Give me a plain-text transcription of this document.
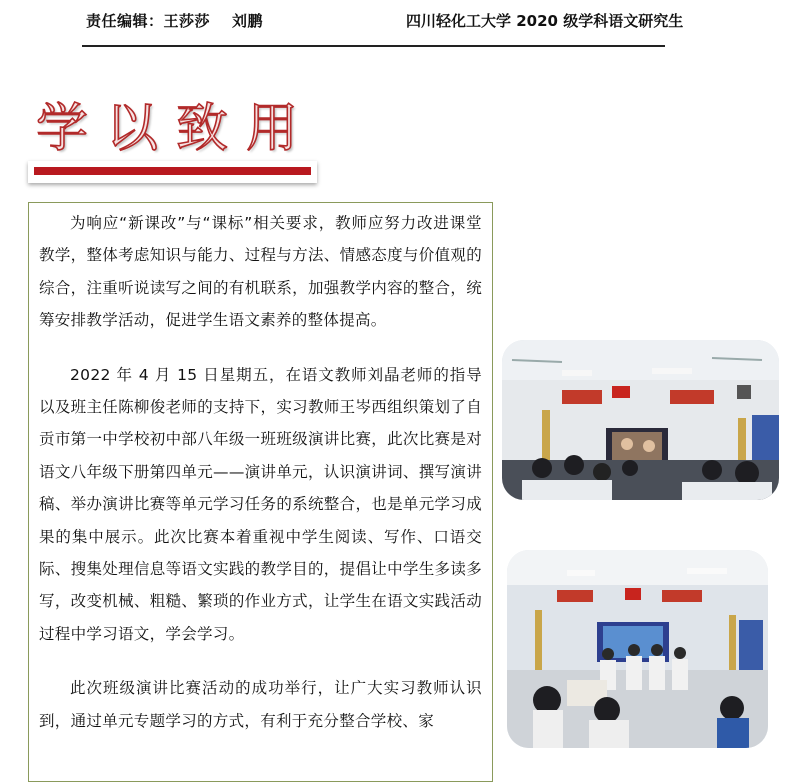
责任编辑：王莎莎 刘鹏	四川轻化工大学 2020 级学科语文研究生
学以致用

为响应“新课改”与“课标”相关要求，教师应努力改进课堂教学，整体考虑知识与能力、过程与方法、情感态度与价值观的综合，注重听说读写之间的有机联系，加强教学内容的整合，统筹安排教学活动，促进学生语文素养的整体提高。

2022 年 4 月 15 日星期五，在语文教师刘晶老师的指导以及班主任陈柳俊老师的支持下，实习教师王岑西组织策划了自贡市第一中学校初中部八年级一班班级演讲比赛，此次比赛是对语文八年级下册第四单元——演讲单元，认识演讲词、撰写演讲稿、举办演讲比赛等单元学习任务的系统整合，也是单元学习成果的集中展示。此次比赛本着重视中学生阅读、写作、口语交际、搜集处理信息等语文实践的教学目的，提倡让中学生多读多写，改变机械、粗糙、繁琐的作业方式，让学生在语文实践活动过程中学习语文，学会学习。

此次班级演讲比赛活动的成功举行，让广大实习教师认识到，通过单元专题学习的方式，有利于充分整合学校、家
